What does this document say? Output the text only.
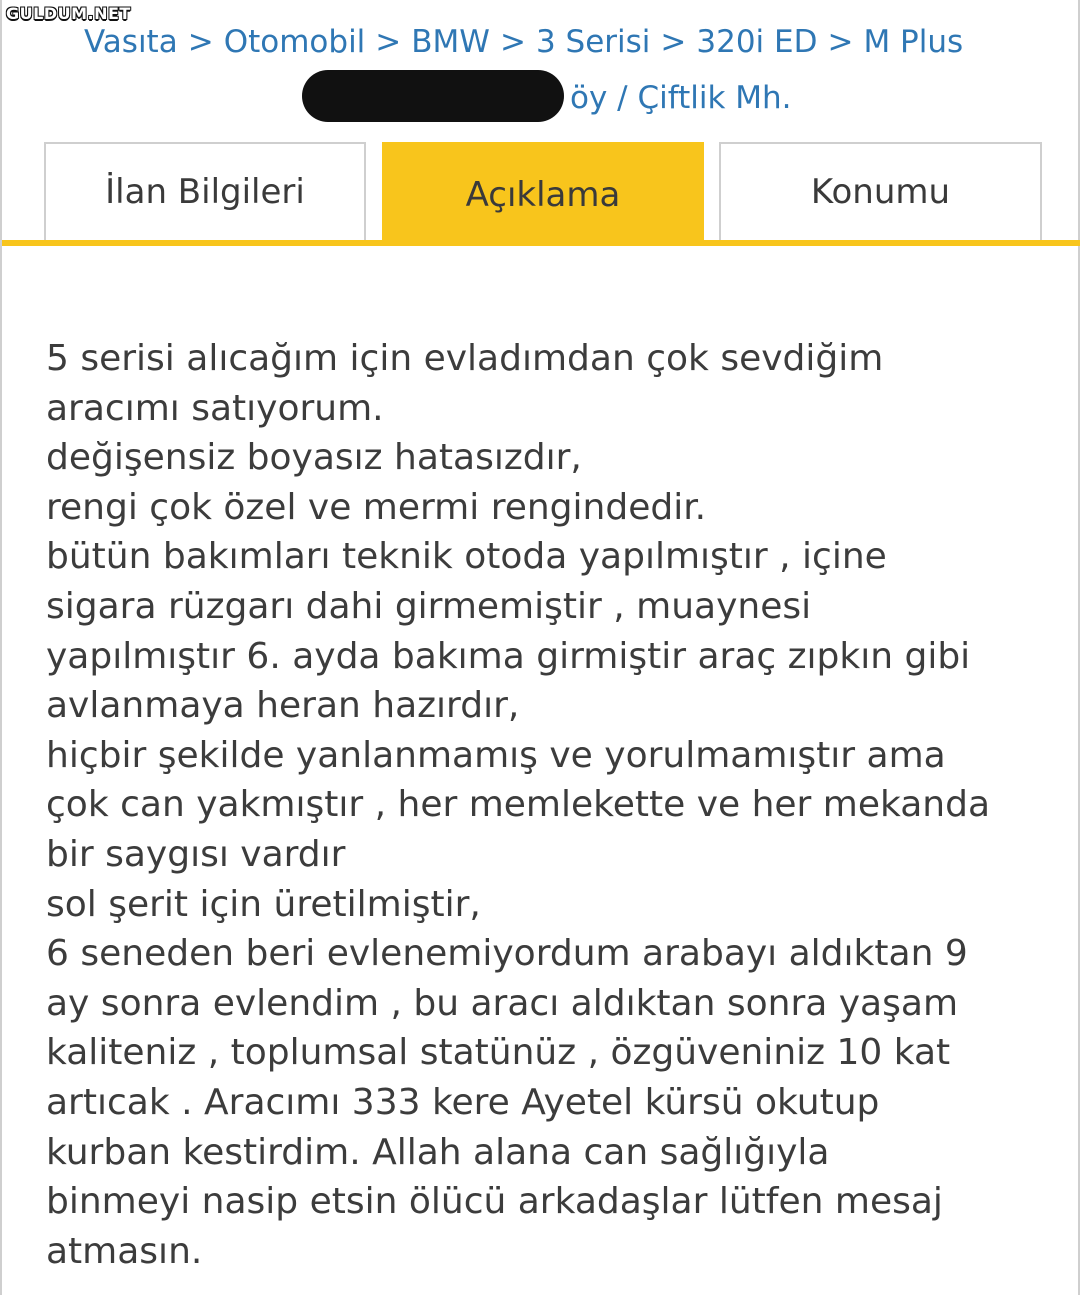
GULDUM.NET
Vasıta > Otomobil > BMW > 3 Serisi > 320i ED > M Plus
öy / Çiftlik Mh.
İlan Bilgileri	Açıklama	Konumu
5 serisi alıcağım için evladımdan çok sevdiğim
aracımı satıyorum.
değişensiz boyasız hatasızdır,
rengi çok özel ve mermi rengindedir.
bütün bakımları teknik otoda yapılmıştır , içine
sigara rüzgarı dahi girmemiştir , muaynesi
yapılmıştır 6. ayda bakıma girmiştir araç zıpkın gibi
avlanmaya heran hazırdır,
hiçbir şekilde yanlanmamış ve yorulmamıştır ama
çok can yakmıştır , her memlekette ve her mekanda
bir saygısı vardır
sol şerit için üretilmiştir,
6 seneden beri evlenemiyordum arabayı aldıktan 9
ay sonra evlendim , bu aracı aldıktan sonra yaşam
kaliteniz , toplumsal statünüz , özgüveniniz 10 kat
artıcak . Aracımı 333 kere Ayetel kürsü okutup
kurban kestirdim. Allah alana can sağlığıyla
binmeyi nasip etsin ölücü arkadaşlar lütfen mesaj
atmasın.
